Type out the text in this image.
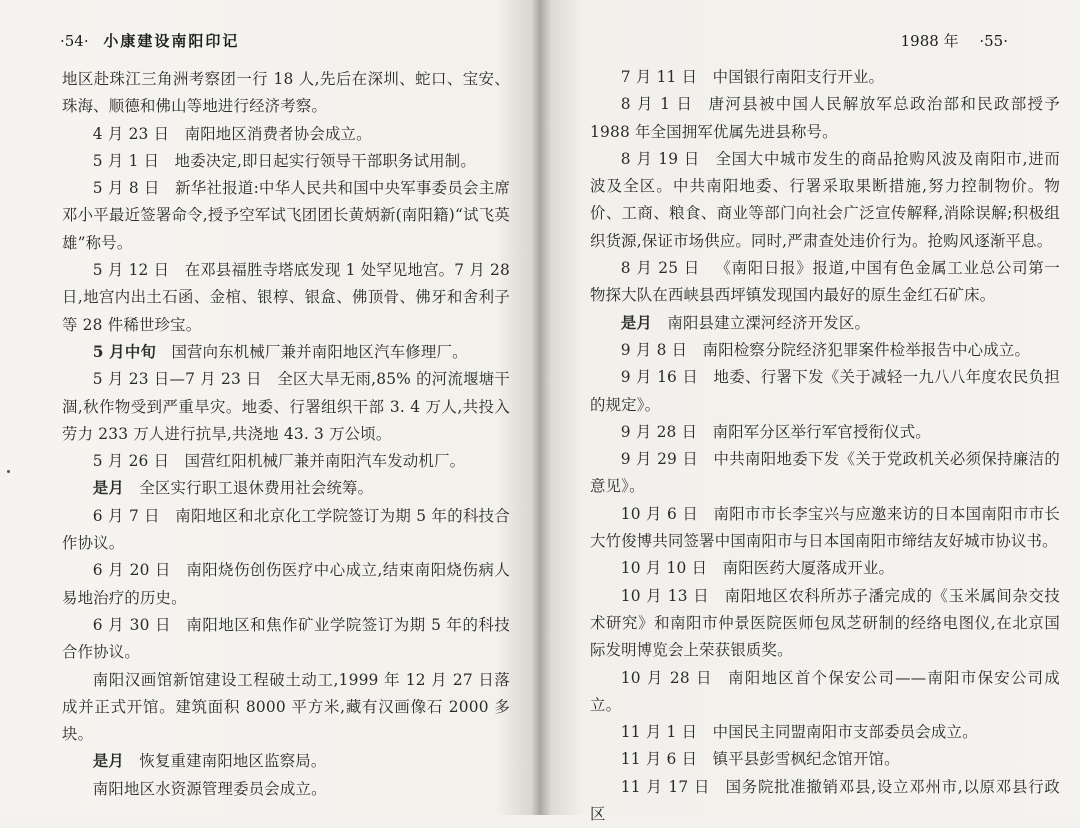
·54· 小康建设南阳印记

地区赴珠江三角洲考察团一行 18 人,先后在深圳、蛇口、宝安、珠海、顺德和佛山等地进行经济考察。

4 月 23 日 南阳地区消费者协会成立。

5 月 1 日 地委决定,即日起实行领导干部职务试用制。

5 月 8 日 新华社报道:中华人民共和国中央军事委员会主席邓小平最近签署命令,授予空军试飞团团长黄炳新(南阳籍)“试飞英雄”称号。

5 月 12 日 在邓县福胜寺塔底发现 1 处罕见地宫。7 月 28 日,地宫内出土石函、金棺、银椁、银盒、佛顶骨、佛牙和舍利子等 28 件稀世珍宝。

5 月中旬 国营向东机械厂兼并南阳地区汽车修理厂。

5 月 23 日—7 月 23 日 全区大旱无雨,85% 的河流堰塘干涸,秋作物受到严重旱灾。地委、行署组织干部 3. 4 万人,共投入劳力 233 万人进行抗旱,共浇地 43. 3 万公顷。

5 月 26 日 国营红阳机械厂兼并南阳汽车发动机厂。

是月 全区实行职工退休费用社会统筹。

6 月 7 日 南阳地区和北京化工学院签订为期 5 年的科技合作协议。

6 月 20 日 南阳烧伤创伤医疗中心成立,结束南阳烧伤病人易地治疗的历史。

6 月 30 日 南阳地区和焦作矿业学院签订为期 5 年的科技合作协议。

南阳汉画馆新馆建设工程破土动工,1999 年 12 月 27 日落成并正式开馆。建筑面积 8000 平方米,藏有汉画像石 2000 多块。

是月 恢复重建南阳地区监察局。

南阳地区水资源管理委员会成立。

1988 年 ·55·

7 月 11 日 中国银行南阳支行开业。

8 月 1 日 唐河县被中国人民解放军总政治部和民政部授予 1988 年全国拥军优属先进县称号。

8 月 19 日 全国大中城市发生的商品抢购风波及南阳市,进而波及全区。中共南阳地委、行署采取果断措施,努力控制物价。物价、工商、粮食、商业等部门向社会广泛宣传解释,消除误解;积极组织货源,保证市场供应。同时,严肃查处违价行为。抢购风逐渐平息。

8 月 25 日 《南阳日报》报道,中国有色金属工业总公司第一物探大队在西峡县西坪镇发现国内最好的原生金红石矿床。

是月 南阳县建立溧河经济开发区。

9 月 8 日 南阳检察分院经济犯罪案件检举报告中心成立。

9 月 16 日 地委、行署下发《关于减轻一九八八年度农民负担的规定》。

9 月 28 日 南阳军分区举行军官授衔仪式。

9 月 29 日 中共南阳地委下发《关于党政机关必须保持廉洁的意见》。

10 月 6 日 南阳市市长李宝兴与应邀来访的日本国南阳市市长大竹俊博共同签署中国南阳市与日本国南阳市缔结友好城市协议书。

10 月 10 日 南阳医药大厦落成开业。

10 月 13 日 南阳地区农科所苏子潘完成的《玉米属间杂交技术研究》和南阳市仲景医院医师包凤芝研制的经络电图仪,在北京国际发明博览会上荣获银质奖。

10 月 28 日 南阳地区首个保安公司——南阳市保安公司成立。

11 月 1 日 中国民主同盟南阳市支部委员会成立。

11 月 6 日 镇平县彭雪枫纪念馆开馆。

11 月 17 日 国务院批准撤销邓县,设立邓州市,以原邓县行政区
